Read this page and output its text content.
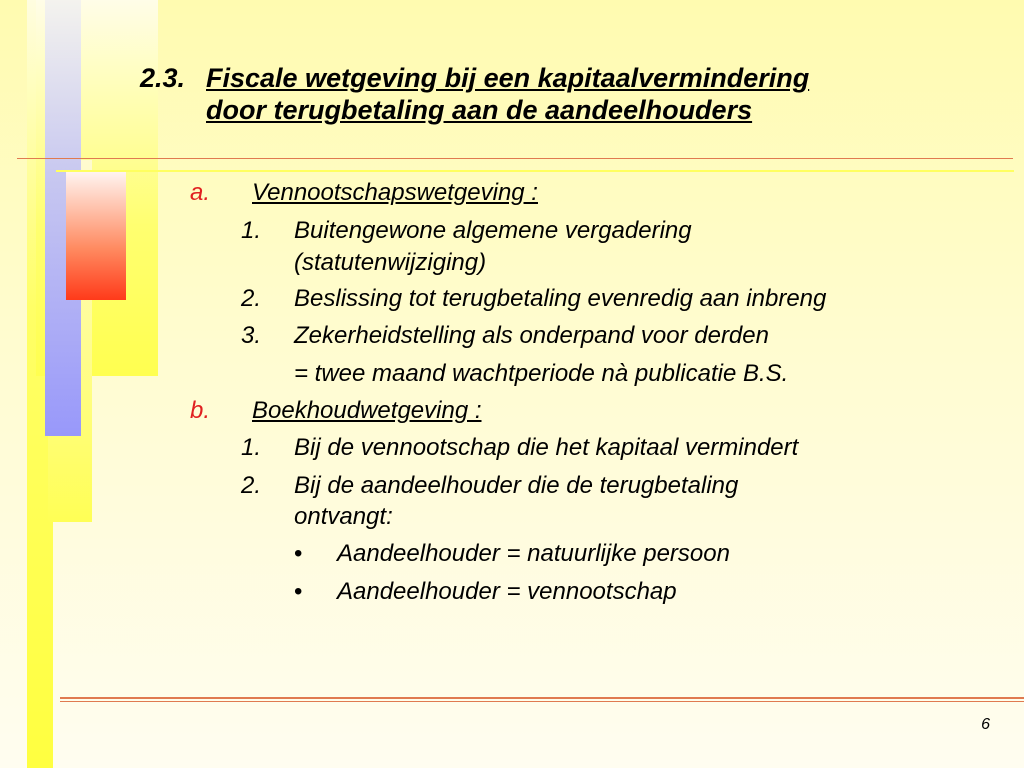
2.3. Fiscale wetgeving bij een kapitaalvermindering
door terugbetaling aan de aandeelhouders
a. Vennootschapswetgeving :
1. Buitengewone algemene vergadering
(statutenwijziging)
2. Beslissing tot terugbetaling evenredig aan inbreng
3. Zekerheidstelling als onderpand voor derden
= twee maand wachtperiode nà publicatie B.S.
b. Boekhoudwetgeving :
1. Bij de vennootschap die het kapitaal vermindert
2. Bij de aandeelhouder die de terugbetaling
ontvangt:
• Aandeelhouder = natuurlijke persoon
• Aandeelhouder = vennootschap
6
